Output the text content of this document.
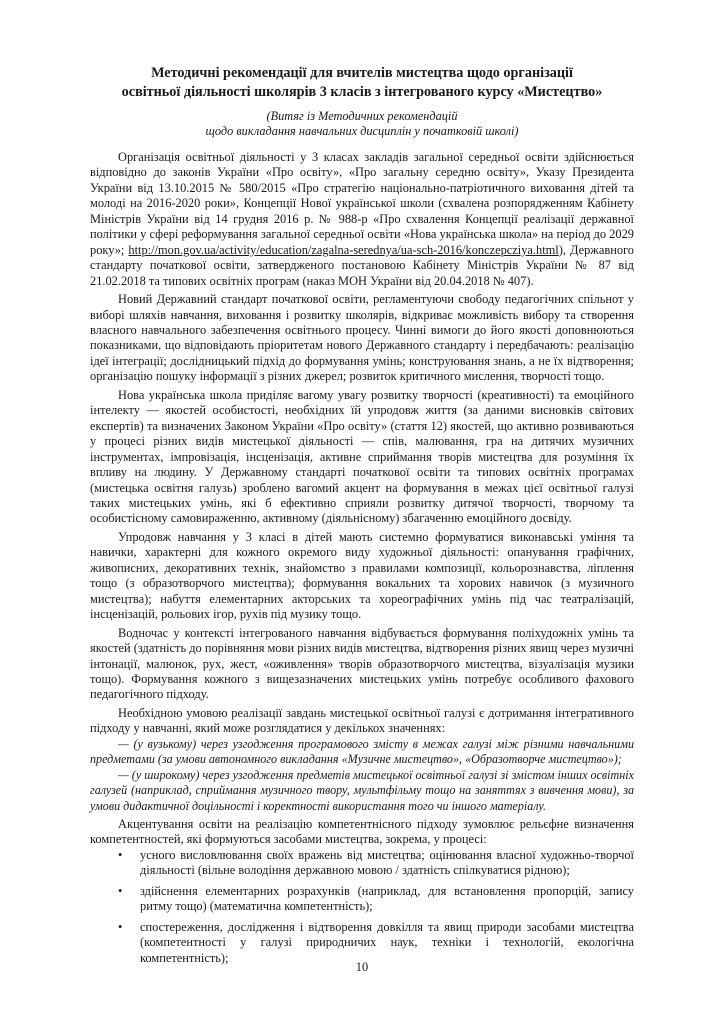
Методичні рекомендації для вчителів мистецтва щодо організації
освітньої діяльності школярів 3 класів з інтегрованого курсу «Мистецтво»
(Витяг із Методичних рекомендацій
щодо викладання навчальних дисциплін у початковій школі)

Організація освітньої діяльності у 3 класах закладів загальної середньої освіти здійснюється відповідно до законів України «Про освіту», «Про загальну середню освіту», Указу Президента України від 13.10.2015 № 580/2015 «Про стратегію національно-патріотичного виховання дітей та молоді на 2016-2020 роки», Концепції Нової української школи (схвалена розпорядженням Кабінету Міністрів України від 14 грудня 2016 р. № 988-р «Про схвалення Концепції реалізації державної політики у сфері реформування загальної середньої освіти «Нова українська школа» на період до 2029 року»; http://mon.gov.ua/activity/education/zagalna-serednya/ua-sch-2016/konczepcziya.html), Державного стандарту початкової освіти, затвердженого постановою Кабінету Міністрів України № 87 від 21.02.2018 та типових освітніх програм (наказ МОН України від 20.04.2018 № 407).

Новий Державний стандарт початкової освіти, регламентуючи свободу педагогічних спільнот у виборі шляхів навчання, виховання і розвитку школярів, відкриває можливість вибору та створення власного навчального забезпечення освітнього процесу. Чинні вимоги до його якості доповнюються показниками, що відповідають пріоритетам нового Державного стандарту і передбачають: реалізацію ідеї інтеграції; дослідницький підхід до формування умінь; конструювання знань, а не їх відтворення; організацію пошуку інформації з різних джерел; розвиток критичного мислення, творчості тощо.

Нова українська школа приділяє вагому увагу розвитку творчості (креативності) та емоційного інтелекту — якостей особистості, необхідних їй упродовж життя (за даними висновків світових експертів) та визначених Законом України «Про освіту» (стаття 12) якостей, що активно розвиваються у процесі різних видів мистецької діяльності — спів, малювання, гра на дитячих музичних інструментах, імпровізація, інсценізація, активне сприймання творів мистецтва для розуміння їх впливу на людину. У Державному стандарті початкової освіти та типових освітніх програмах (мистецька освітня галузь) зроблено вагомий акцент на формування в межах цієї освітньої галузі таких мистецьких умінь, які б ефективно сприяли розвитку дитячої творчості, творчому та особистісному самовираженню, активному (діяльнісному) збагаченню емоційного досвіду.

Упродовж навчання у 3 класі в дітей мають системно формуватися виконавські уміння та навички, характерні для кожного окремого виду художньої діяльності: опанування графічних, живописних, декоративних технік, знайомство з правилами композиції, кольорознавства, ліплення тощо (з образотворчого мистецтва); формування вокальних та хорових навичок (з музичного мистецтва); набуття елементарних акторських та хореографічних умінь під час театралізацій, інсценізацій, рольових ігор, рухів під музику тощо.

Водночас у контексті інтегрованого навчання відбувається формування поліхудожніх умінь та якостей (здатність до порівняння мови різних видів мистецтва, відтворення різних явищ через музичні інтонації, малюнок, рух, жест, «оживлення» творів образотворчого мистецтва, візуалізація музики тощо). Формування кожного з вищезазначених мистецьких умінь потребує особливого фахового педагогічного підходу.

Необхідною умовою реалізації завдань мистецької освітньої галузі є дотримання інтегративного підходу у навчанні, який може розглядатися у декількох значеннях:

— (у вузькому) через узгодження програмового змісту в межах галузі між різними навчальними предметами (за умови автономного викладання «Музичне мистецтво», «Образотворче мистецтво»);

— (у широкому) через узгодження предметів мистецької освітньої галузі зі змістом інших освітніх галузей (наприклад, сприймання музичного твору, мультфільму тощо на заняттях з вивчення мови), за умови дидактичної доцільності і коректності використання того чи іншого матеріалу.

Акцентування освіти на реалізацію компетентнісного підходу зумовлює рельєфне визначення компетентностей, які формуються засобами мистецтва, зокрема, у процесі:

• усного висловлювання своїх вражень від мистецтва; оцінювання власної художньо-творчої діяльності (вільне володіння державною мовою / здатність спілкуватися рідною);
• здійснення елементарних розрахунків (наприклад, для встановлення пропорцій, запису ритму тощо) (математична компетентність);
• спостереження, дослідження і відтворення довкілля та явищ природи засобами мистецтва (компетентності у галузі природничих наук, техніки і технологій, екологічна компетентність);
10
